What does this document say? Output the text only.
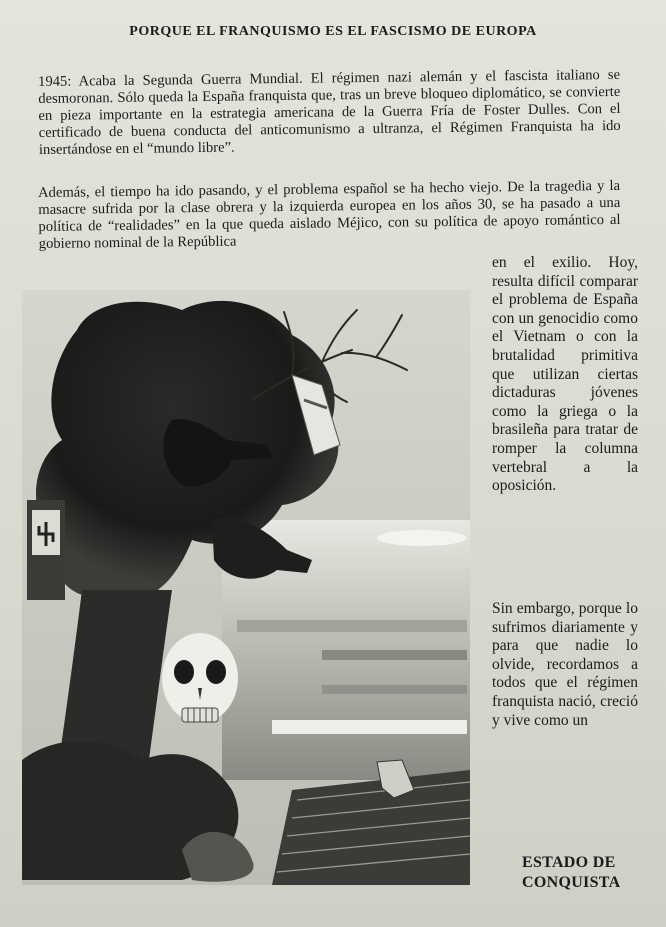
PORQUE EL FRANQUISMO ES EL FASCISMO DE EUROPA

1945: Acaba la Segunda Guerra Mundial. El régimen nazi alemán y el fascista italiano se desmoronan. Sólo queda la España franquista que, tras un breve bloqueo diplomático, se convierte en pieza importante en la estrategia americana de la Guerra Fría de Foster Dulles. Con el certificado de buena conducta del anticomunismo a ultranza, el Régimen Franquista ha ido insertándose en el “mundo libre”.

Además, el tiempo ha ido pasando, y el problema español se ha hecho viejo. De la tragedia y la masacre sufrida por la clase obrera y la izquierda europea en los años 30, se ha pasado a una política de “realidades” en la que queda aislado Méjico, con su política de apoyo romántico al gobierno nominal de la República

en el exilio. Hoy, resulta difícil comparar el problema de España con un genocidio como el Vietnam o con la brutalidad primitiva que utilizan ciertas dictaduras jóvenes como la griega o la brasileña para tratar de romper la columna vertebral a la oposición.

Sin embargo, porque lo sufrimos diariamente y para que nadie lo olvide, recordamos a todos que el régimen franquista nació, creció y vive como un

ESTADO DE
CONQUISTA
